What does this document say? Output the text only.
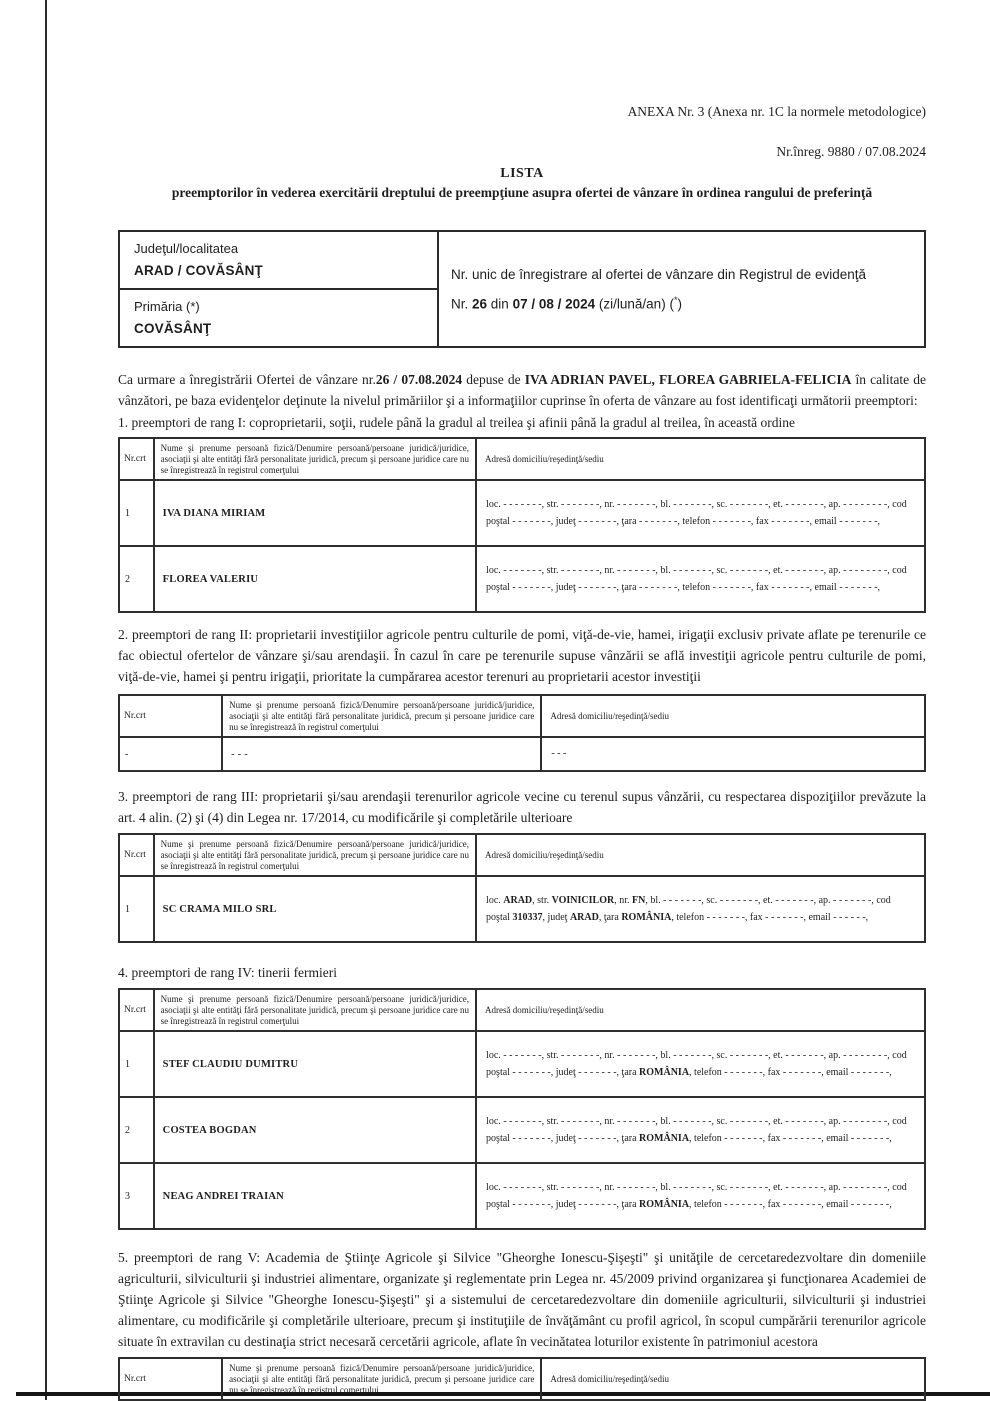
ANEXA Nr. 3 (Anexa nr. 1C la normele metodologice)
Nr.înreg. 9880 / 07.08.2024
LISTA
preemptorilor în vederea exercitării dreptului de preempţiune asupra ofertei de vânzare în ordinea rangului de preferinţă
Judeţul/localitatea
ARAD / COVĂSÂNŢ
Primăria (*)
COVĂSÂNŢ
Nr. unic de înregistrare al ofertei de vânzare din Registrul de evidenţă
Nr. 26 din 07 / 08 / 2024 (zi/lună/an) (*)
Ca urmare a înregistrării Ofertei de vânzare nr.26 / 07.08.2024 depuse de IVA ADRIAN PAVEL, FLOREA GABRIELA-FELICIA în calitate de vânzători, pe baza evidenţelor deţinute la nivelul primăriilor şi a informaţiilor cuprinse în oferta de vânzare au fost identificaţi următorii preemptori:
1. preemptori de rang I: coproprietarii, soţii, rudele până la gradul al treilea şi afinii până la gradul al treilea, în această ordine
Nr.crt	Nume şi prenume persoană fizică/Denumire persoană/persoane juridică/juridice, asociaţii şi alte entităţi fără personalitate juridică, precum şi persoane juridice care nu se înregistrează în registrul comerţului	Adresă domiciliu/reşedinţă/sediu
1	IVA DIANA MIRIAM	loc. - - - - - - -, str. - - - - - - -, nr. - - - - - - -, bl. - - - - - - -, sc. - - - - - - -, et. - - - - - - -, ap. - - - - - - - -, cod poştal - - - - - - -, judeţ - - - - - - -, ţara - - - - - - -, telefon - - - - - - -, fax - - - - - - -, email - - - - - - -,
2	FLOREA VALERIU	loc. - - - - - - -, str. - - - - - - -, nr. - - - - - - -, bl. - - - - - - -, sc. - - - - - - -, et. - - - - - - -, ap. - - - - - - - -, cod poştal - - - - - - -, judeţ - - - - - - -, ţara - - - - - - -, telefon - - - - - - -, fax - - - - - - -, email - - - - - - -,
2. preemptori de rang II: proprietarii investiţiilor agricole pentru culturile de pomi, viţă-de-vie, hamei, irigaţii exclusiv private aflate pe terenurile ce fac obiectul ofertelor de vânzare şi/sau arendaşii. În cazul în care pe terenurile supuse vânzării se află investiţii agricole pentru culturile de pomi, viţă-de-vie, hamei şi pentru irigaţii, prioritate la cumpărarea acestor terenuri au proprietarii acestor investiţii
Nr.crt	Nume şi prenume persoană fizică/Denumire persoană/persoane juridică/juridice, asociaţii şi alte entităţi fără personalitate juridică, precum şi persoane juridice care nu se înregistrează în registrul comerţului	Adresă domiciliu/reşedinţă/sediu
-	- - -	- - -
3. preemptori de rang III: proprietarii şi/sau arendaşii terenurilor agricole vecine cu terenul supus vânzării, cu respectarea dispoziţiilor prevăzute la art. 4 alin. (2) şi (4) din Legea nr. 17/2014, cu modificările şi completările ulterioare
Nr.crt	Nume şi prenume persoană fizică/Denumire persoană/persoane juridică/juridice, asociaţii şi alte entităţi fără personalitate juridică, precum şi persoane juridice care nu se înregistrează în registrul comerţului	Adresă domiciliu/reşedinţă/sediu
1	SC CRAMA MILO SRL	loc. ARAD, str. VOINICILOR, nr. FN, bl. - - - - - - -, sc. - - - - - - -, et. - - - - - - -, ap. - - - - - - -, cod poştal 310337, judeţ ARAD, ţara ROMÂNIA, telefon - - - - - - -, fax - - - - - - -, email - - - - - -,
4. preemptori de rang IV: tinerii fermieri
Nr.crt	Nume şi prenume persoană fizică/Denumire persoană/persoane juridică/juridice, asociaţii şi alte entităţi fără personalitate juridică, precum şi persoane juridice care nu se înregistrează în registrul comerţului	Adresă domiciliu/reşedinţă/sediu
1	STEF CLAUDIU DUMITRU	loc. - - - - - - -, str. - - - - - - -, nr. - - - - - - -, bl. - - - - - - -, sc. - - - - - - -, et. - - - - - - -, ap. - - - - - - - -, cod poştal - - - - - - -, judeţ - - - - - - -, ţara ROMÂNIA, telefon - - - - - - -, fax - - - - - - -, email - - - - - - -,
2	COSTEA BOGDAN	loc. - - - - - - -, str. - - - - - - -, nr. - - - - - - -, bl. - - - - - - -, sc. - - - - - - -, et. - - - - - - -, ap. - - - - - - - -, cod poştal - - - - - - -, judeţ - - - - - - -, ţara ROMÂNIA, telefon - - - - - - -, fax - - - - - - -, email - - - - - - -,
3	NEAG ANDREI TRAIAN	loc. - - - - - - -, str. - - - - - - -, nr. - - - - - - -, bl. - - - - - - -, sc. - - - - - - -, et. - - - - - - -, ap. - - - - - - - -, cod poştal - - - - - - -, judeţ - - - - - - -, ţara ROMÂNIA, telefon - - - - - - -, fax - - - - - - -, email - - - - - - -,
5. preemptori de rang V: Academia de Ştiinţe Agricole şi Silvice "Gheorghe Ionescu-Şişeşti" şi unităţile de cercetaredezvoltare din domeniile agriculturii, silviculturii şi industriei alimentare, organizate şi reglementate prin Legea nr. 45/2009 privind organizarea şi funcţionarea Academiei de Ştiinţe Agricole şi Silvice "Gheorghe Ionescu-Şişeşti" şi a sistemului de cercetaredezvoltare din domeniile agriculturii, silviculturii şi industriei alimentare, cu modificările şi completările ulterioare, precum şi instituţiile de învăţământ cu profil agricol, în scopul cumpărării terenurilor agricole situate în extravilan cu destinaţia strict necesară cercetării agricole, aflate în vecinătatea loturilor existente în patrimoniul acestora
Nr.crt	Nume şi prenume persoană fizică/Denumire persoană/persoane juridică/juridice, asociaţii şi alte entităţi fără personalitate juridică, precum şi persoane juridice care nu se înregistrează în registrul comerţului	Adresă domiciliu/reşedinţă/sediu
